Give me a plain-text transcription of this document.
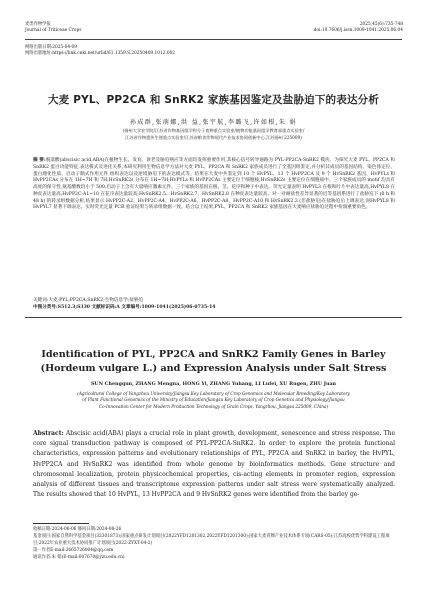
麦类作物学报
Journal of Triticeae Crops
2025,45(6):735-748
doi:10.7606/j.issn.1009-1041.2025.06.04
网络出版日期:2025-04-09
网络出版地址:https://link.cnki.net/urlid/61.1359.S.20250409.1012.002
大麦 PYL、PP2CA 和 SnRK2 家族基因鉴定及盐胁迫下的表达分析
孙成群,张萌娜,洪 益,张宇航,李璐飞,许如根,朱 娟
(扬州大学农学院/江苏省作物基因组学和分子育种重点实验室/植物功能基因组学教育部重点实验室/
江苏省作物遗传生理重点实验室/江苏省粮食作物现代产业技术协同创新中心,江苏扬州 225009)
摘 要:脱落酸(abscisic acid,ABA)在植物生长、发育、衰老及胁迫响应等方面均发挥重要作用,其核心信号转导通路为 PYL-PP2CA-SnRK2 模块。为探究大麦 PYL、PP2CA 和 SnRK2 蛋白功能特征,表达模式及进化关系,本研究利用生物信息学方法对大麦 PYL、PP2CA 和 SnRK2 家族成员进行了全基因组鉴定,并分析其成员的基因结构、染色体定位、蛋白理化性质、启动子顺式作用元件,组织表达以及逆境胁迫下的表达模式等。结果在大麦中共鉴定到 10 个 HvPYL、13 个 HvPP2CA 及 9 个 HvSnRK2 基因。HvPYLs 和 HvPP2CAs 分布在 1H~7H 和 7H,HvSnRK2s 分布在 1H~7H;HvPYLs 和 HvPP2CAs 主要定位于细胞核,HvSnRK2s 主要定位在细胞质中。三个家族成员的 motif 均具有高度的保守性,氨基酸数均小于 500,启动子上含有大量响应激素元件。三个家族的基因在根、茎、花序和种子中表达。荧光定量表明 HvPYL3 在根和叶片中表达量高,HvPYL8 在种皮表达量高;HvPP2C-A1~10 在花序表达量较高;HvSnRK2.5、HvSnRK2.7、HvSnRK2.8 在种皮表达量较高。对一对耐盐性差异显著的近等基因系进行了盐胁迫下 (0 h 和 48 h) 的转录组数据分析,结果显示 HvPP2C-A2、HvPP2C-A4、HvPP2C-A6、HvPP2C-A8、HvPP2C-A10 和 HvSnRK2.3 (非盐胁迫)在盐胁迫后上调表达,而HvPYL8 和HvPYL7 显著下调表达。实时荧光定量 PCR 验证结果与转录组数据一致。结合以上结果,PYL、PP2CA 和 SnRK2 家族基因在大麦响应盐胁迫过程中扮演重要角色。
关键词:大麦;PYL;PP2CA;SnRK2;生物信息学;盐胁迫
中图分类号:S512.3;S330 文献标识码:A 文章编号:1009-1041(2025)06-0735-14
Identification of PYL, PP2CA and SnRK2 Family Genes in Barley
(Hordeum vulgare L.) and Expression Analysis under Salt Stress
SUN Chengqun, ZHANG Mengna, HONG Yi, ZHANG Yuhang, LI Lufei, XU Rugen, ZHU Juan
(Agricultural College of Yangzhou University/Jiangsu Key Laboratory of Crop Genomics and Molecular Breeding/Key Laboratory
of Plant Functional Genomics of the Ministry of Education/Jiangsu Key Laboratory of Crop Genetics and Physiology/Jiangsu
Co-Innovation Center for Modern Production Technology of Grain Crops, Yangzhou, Jiangsu 225009, China)
Abstract: Abscisic acid(ABA) plays a crucial role in plant growth, development, senescence and stress response. The core signal transduction pathway is composed of PYL-PP2CA-SnRK2. In order to explore the protein functional characteristics, expression patterns and evolutionary relationships of PYL, PP2CA and SnRK2 in barley, the HvPYL, HvPP2CA and HvSnRK2 was identified from whole genome by bioinformatics methods. Gene structure and chromosomal localization, protein physicochemical properties, cis-acting elements in promoter region, expression analysis of different tissues and transcriptome expression patterns under salt stress were systematically analyzed. The results showed that 10 HvPYL, 13 HvPP2CA and 9 HvSnRK2 genes were identified from the barley ge-
收稿日期:2024-06-06 修回日期:2024-08-26
基金项目:国家自然科学基金项目(32301873);国家重点研发计划项目(2022YFD1201302,2022YFD1201300);国家大麦青稞产业技术体系专项(CARS-05);江苏高校优势学科建设工程项目;2022年农业重大技术协同推广计划项目(2022-ZYXT-04-2)
第一作者E-mail:2665726004@qq.com
通讯作者:朱 娟(E-mail:007670@yzu.edu.cn)
